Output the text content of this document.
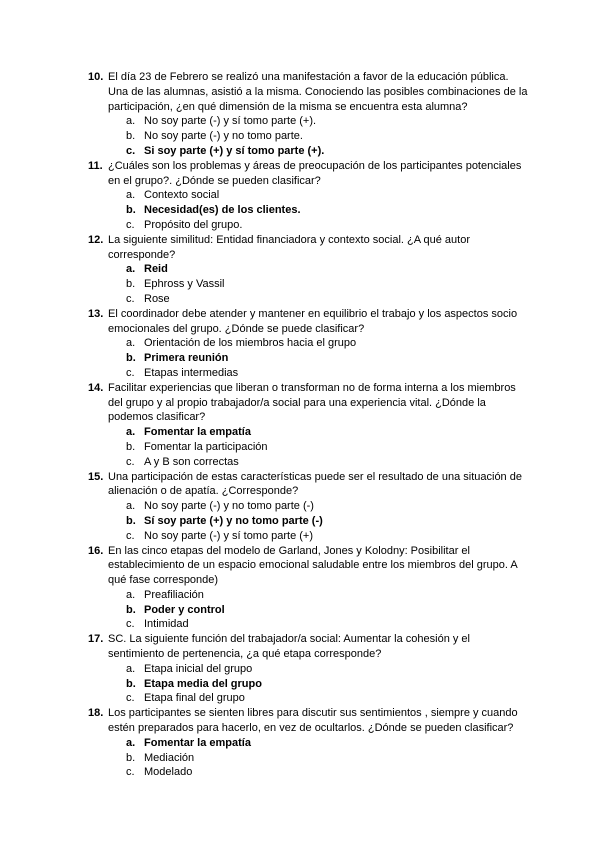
10. El día 23 de Febrero se realizó una manifestación a favor de la educación pública. Una de las alumnas, asistió a la misma. Conociendo las posibles combinaciones de la participación, ¿en qué dimensión de la misma se encuentra esta alumna?
a. No soy parte (-) y sí tomo parte (+).
b. No soy parte (-) y no tomo parte.
c. Si soy parte (+) y sí tomo parte (+).
11. ¿Cuáles son los problemas y áreas de preocupación de los participantes potenciales en el grupo?. ¿Dónde se pueden clasificar?
a. Contexto social
b. Necesidad(es) de los clientes.
c. Propósito del grupo.
12. La siguiente similitud: Entidad financiadora y contexto social. ¿A qué autor corresponde?
a. Reid
b. Ephross y Vassil
c. Rose
13. El coordinador debe atender y mantener en equilibrio el trabajo y los aspectos socio emocionales del grupo. ¿Dónde se puede clasificar?
a. Orientación de los miembros hacia el grupo
b. Primera reunión
c. Etapas intermedias
14. Facilitar experiencias que liberan o transforman no de forma interna a los miembros del grupo y al propio trabajador/a social para una experiencia vital. ¿Dónde la podemos clasificar?
a. Fomentar la empatía
b. Fomentar la participación
c. A y B son correctas
15. Una participación de estas características puede ser el resultado de una situación de alienación o de apatía. ¿Corresponde?
a. No soy parte (-) y no tomo parte (-)
b. Sí soy parte (+) y no tomo parte (-)
c. No soy parte (-) y sí tomo parte (+)
16. En las cinco etapas del modelo de Garland, Jones y Kolodny: Posibilitar el establecimiento de un espacio emocional saludable entre los miembros del grupo. A qué fase corresponde)
a. Preafiliación
b. Poder y control
c. Intimidad
17. SC. La siguiente función del trabajador/a social: Aumentar la cohesión y el sentimiento de pertenencia, ¿a qué etapa corresponde?
a. Etapa inicial del grupo
b. Etapa media del grupo
c. Etapa final del grupo
18. Los participantes se sienten libres para discutir sus sentimientos , siempre y cuando estén preparados para hacerlo, en vez de ocultarlos. ¿Dónde se pueden clasificar?
a. Fomentar la empatía
b. Mediación
c. Modelado
